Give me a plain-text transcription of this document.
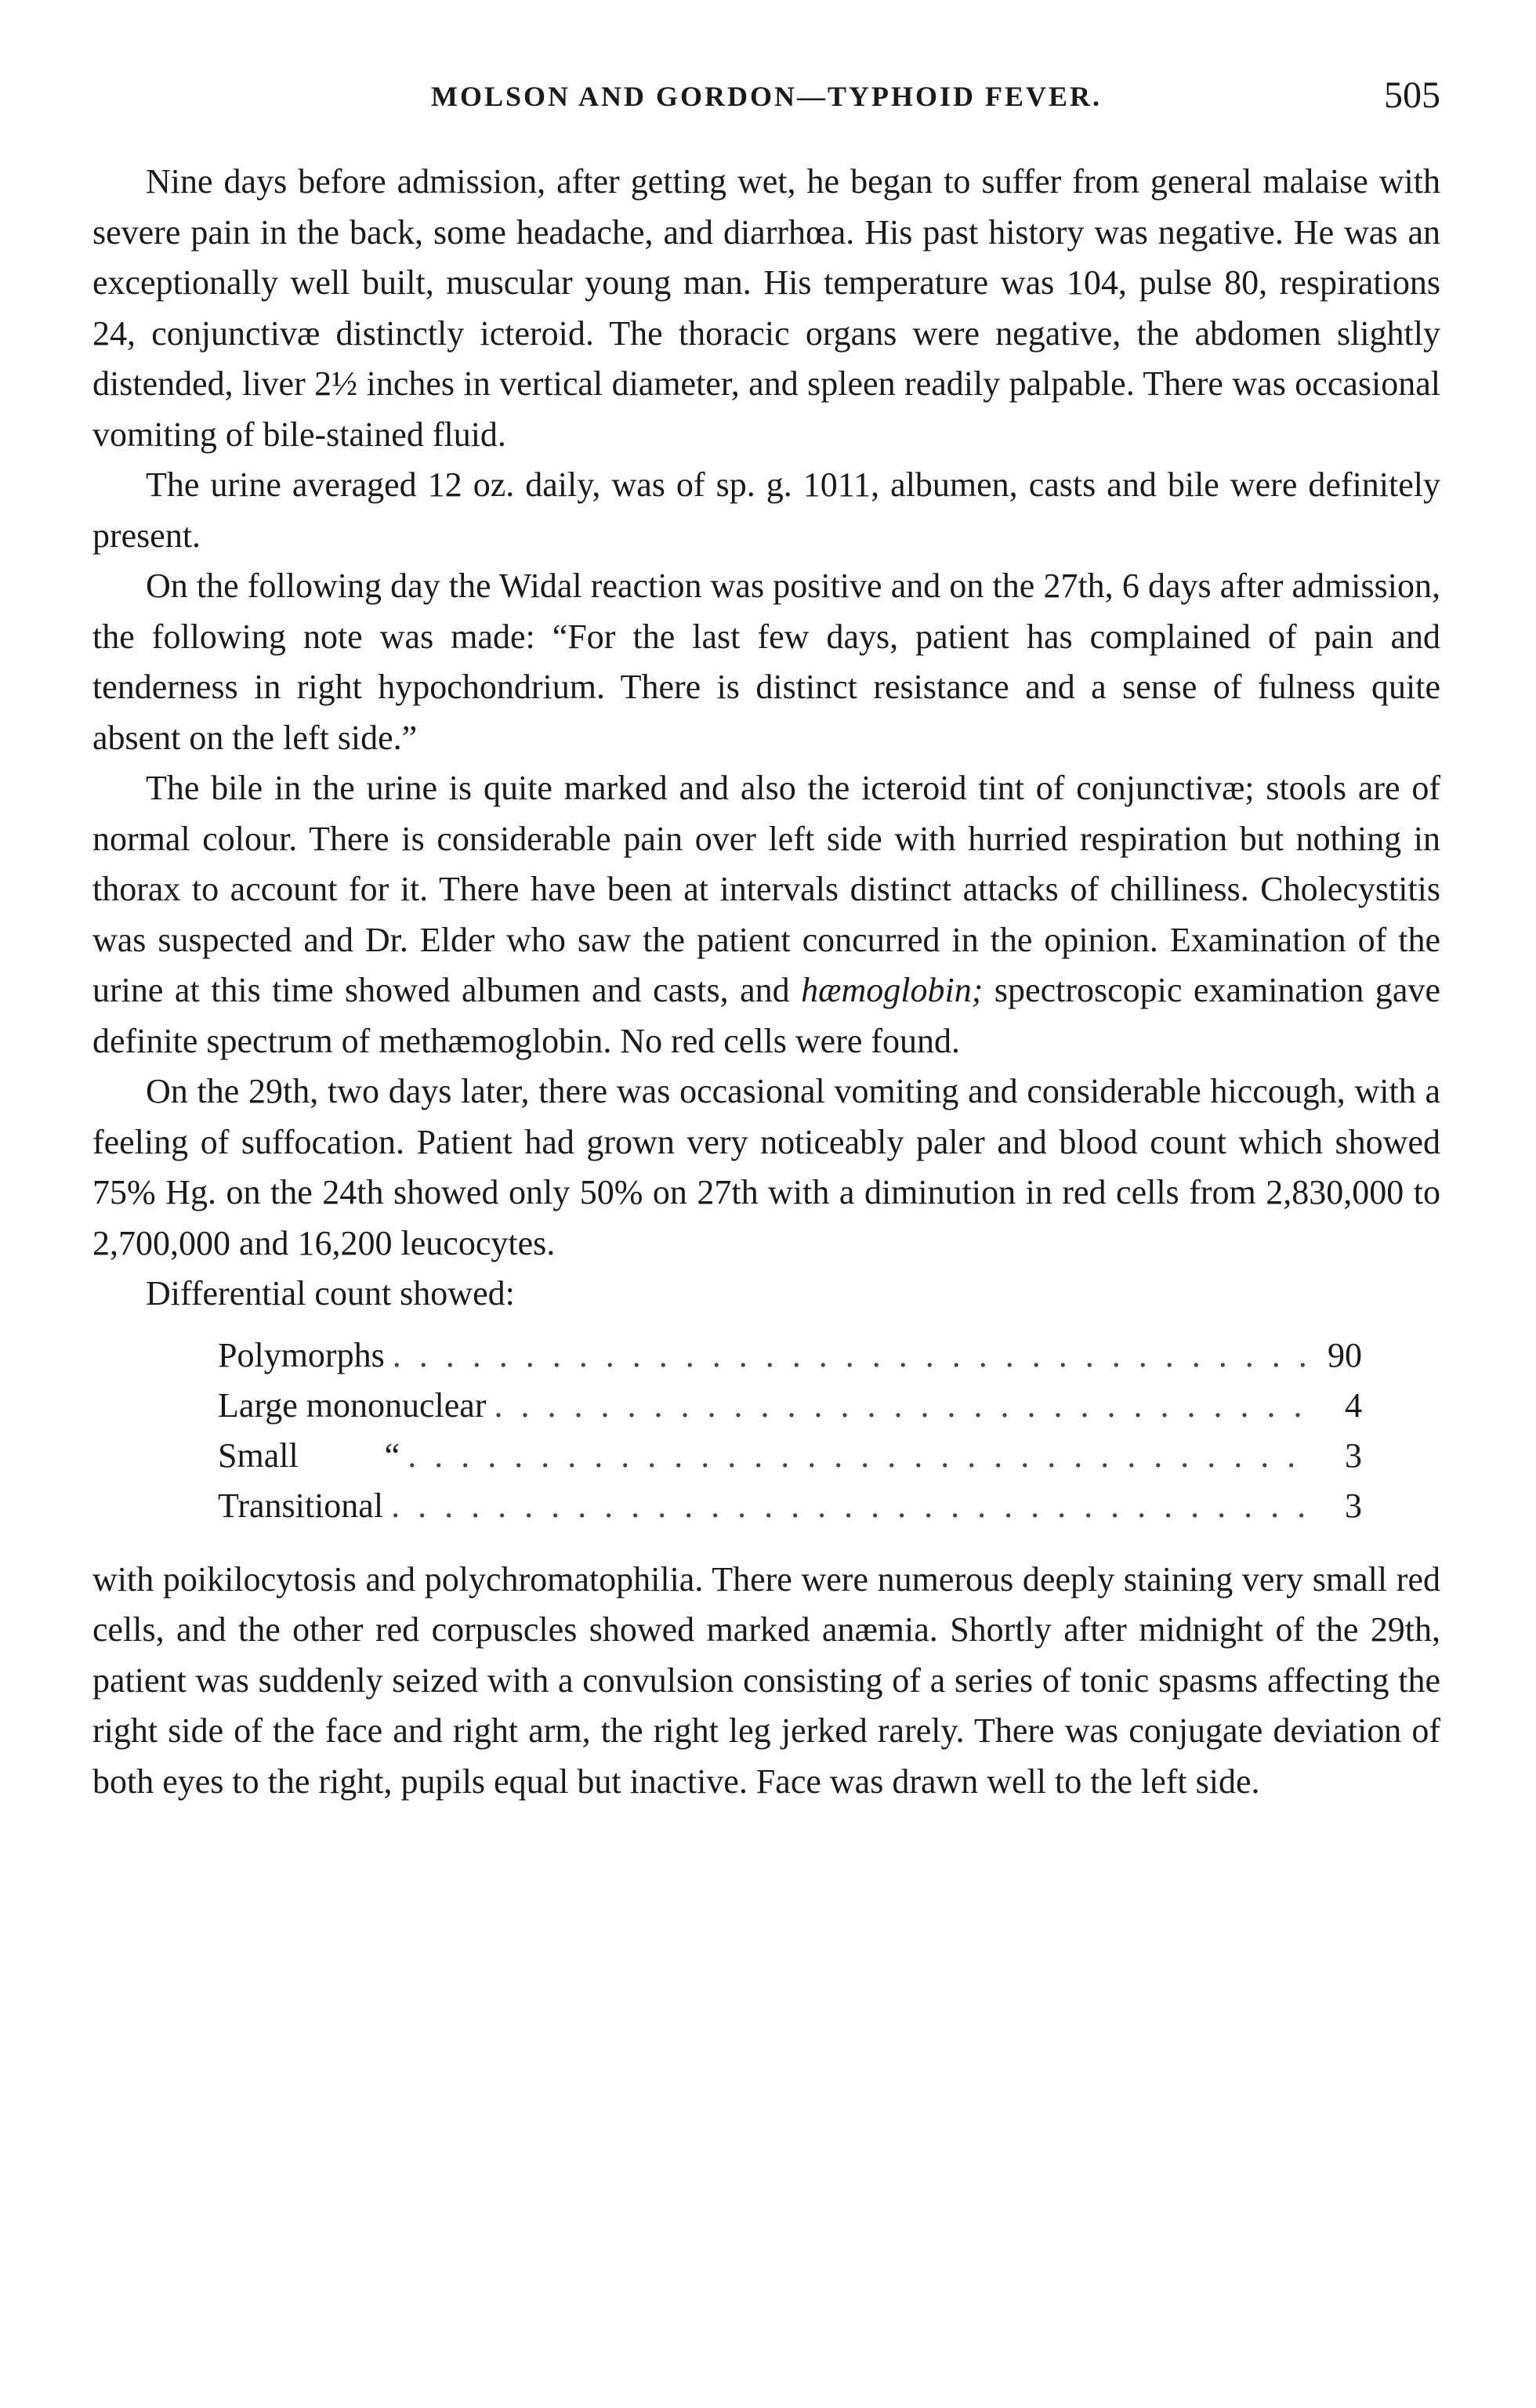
MOLSON AND GORDON—TYPHOID FEVER.	505

Nine days before admission, after getting wet, he began to suffer from general malaise with severe pain in the back, some headache, and diarrhœa. His past history was negative. He was an exceptionally well built, muscular young man. His temperature was 104, pulse 80, respirations 24, conjunctivæ distinctly icteroid. The thoracic organs were negative, the abdomen slightly distended, liver 2½ inches in vertical diameter, and spleen readily palpable. There was occasional vomiting of bile-stained fluid.

The urine averaged 12 oz. daily, was of sp. g. 1011, albumen, casts and bile were definitely present.

On the following day the Widal reaction was positive and on the 27th, 6 days after admission, the following note was made: “For the last few days, patient has complained of pain and tenderness in right hypochondrium. There is distinct resistance and a sense of fulness quite absent on the left side.”

The bile in the urine is quite marked and also the icteroid tint of conjunctivæ; stools are of normal colour. There is considerable pain over left side with hurried respiration but nothing in thorax to account for it. There have been at intervals distinct attacks of chilliness. Cholecystitis was suspected and Dr. Elder who saw the patient concurred in the opinion. Examination of the urine at this time showed albumen and casts, and hæmoglobin; spectroscopic examination gave definite spectrum of methæmoglobin. No red cells were found.

On the 29th, two days later, there was occasional vomiting and considerable hiccough, with a feeling of suffocation. Patient had grown very noticeably paler and blood count which showed 75% Hg. on the 24th showed only 50% on 27th with a diminution in red cells from 2,830,000 to 2,700,000 and 16,200 leucocytes.

Differential count showed:

Polymorphs . . .	90
Large mononuclear . . .	4
Small          “ . . .	3
Transitional . . .	3

with poikilocytosis and polychromatophilia. There were numerous deeply staining very small red cells, and the other red corpuscles showed marked anæmia. Shortly after midnight of the 29th, patient was suddenly seized with a convulsion consisting of a series of tonic spasms affecting the right side of the face and right arm, the right leg jerked rarely. There was conjugate deviation of both eyes to the right, pupils equal but inactive. Face was drawn well to the left side.
